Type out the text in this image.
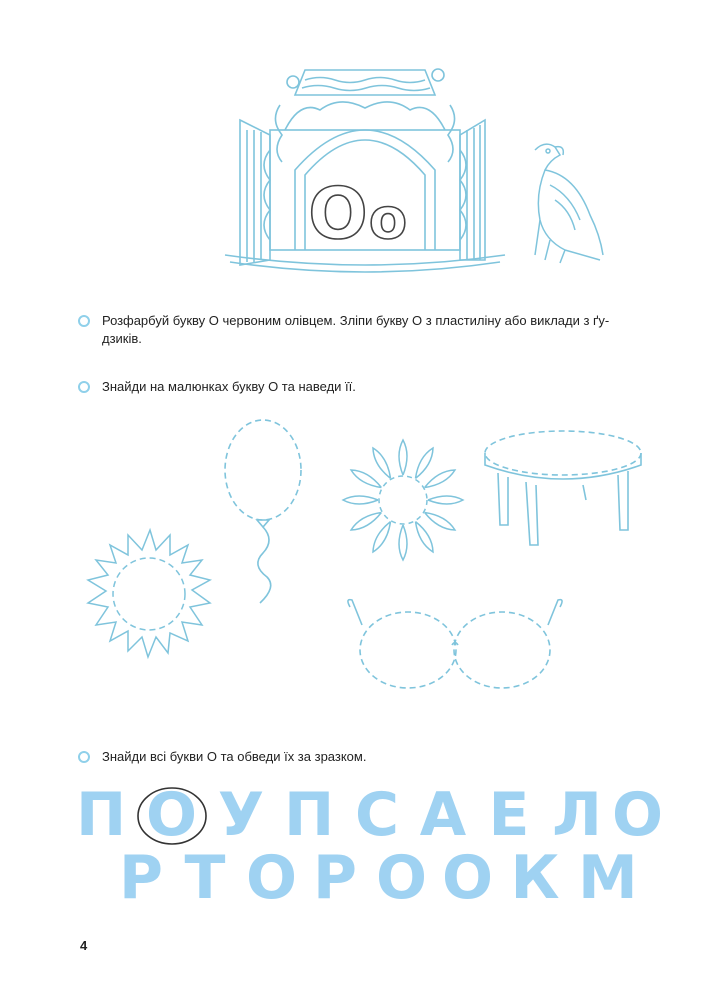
O o
Розфарбуй букву О червоним олівцем. Зліпи букву О з пластиліну або виклади з ґу-
дзиків.
Знайди на малюнках букву О та наведи її.
Знайди всі букви О та обведи їх за зразком.
П О У П С А Е Л О
Р Т О Р О О К М
4
